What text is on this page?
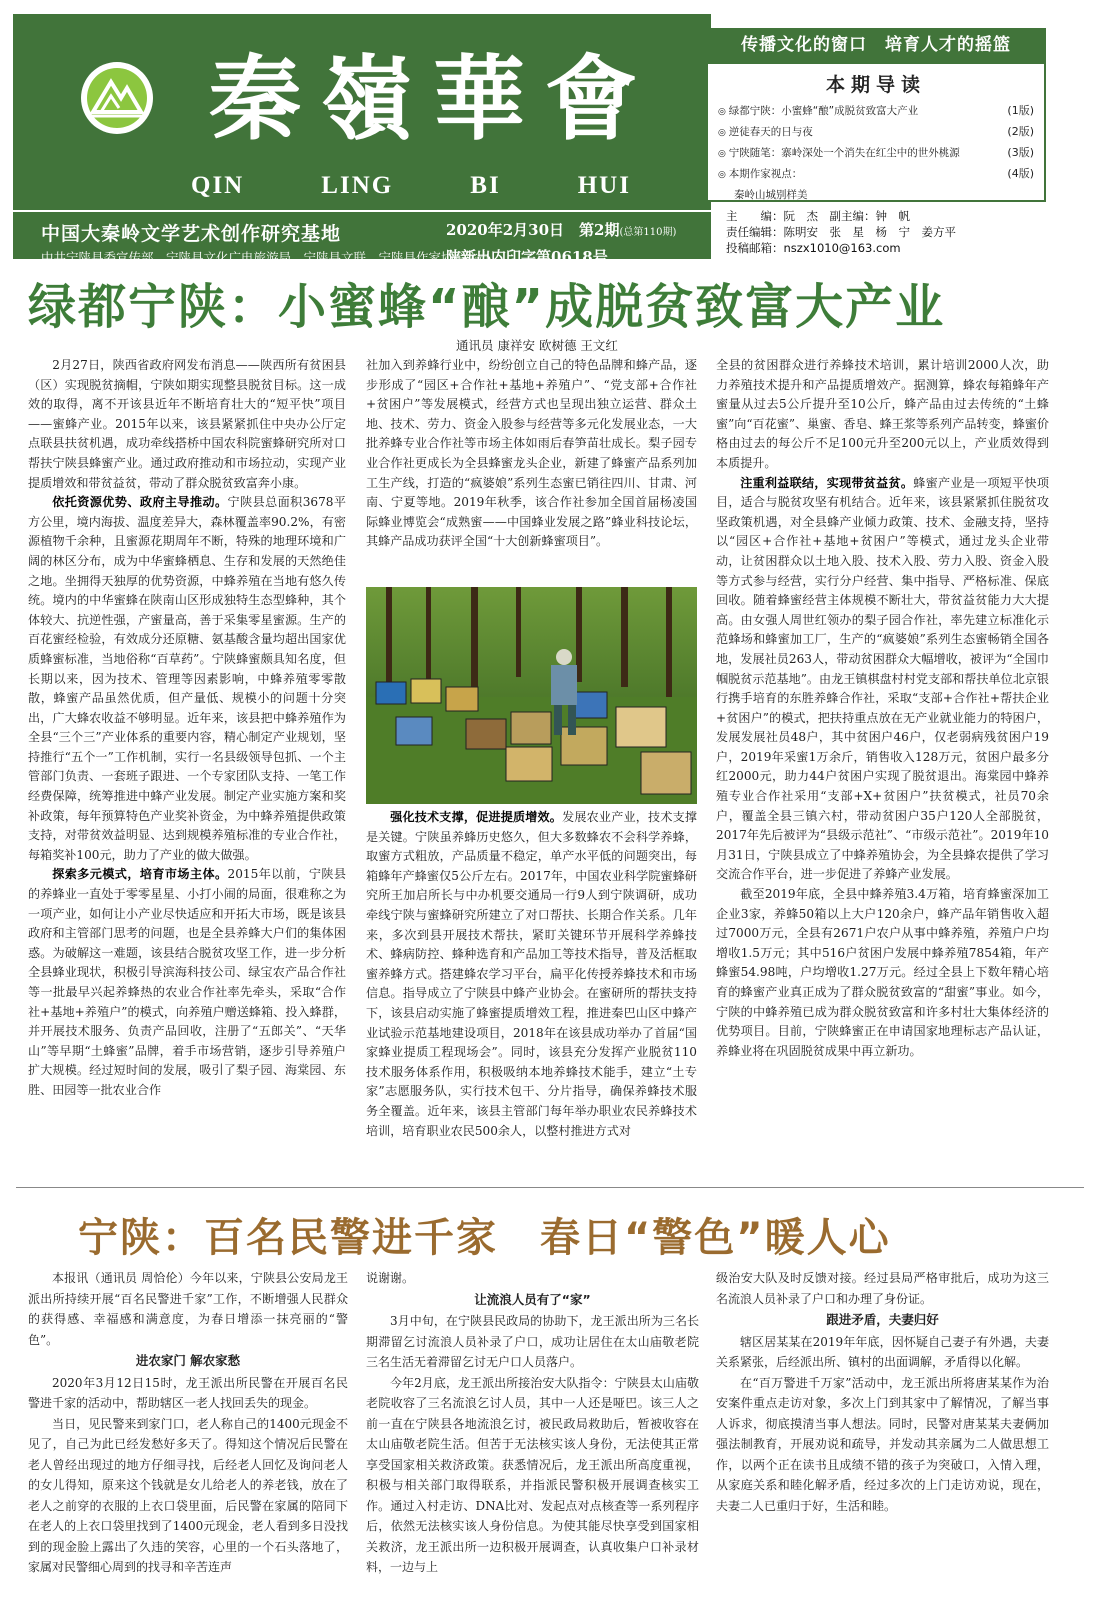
秦嶺華會
QIN	LING	BI	HUI
中国大秦岭文学艺术创作研究基地
中共宁陕县委宣传部　宁陕县文化广电旅游局　宁陕县文联　宁陕县作家协会主办
2020年2月30日　第2期(总第110期)
陕新出内印字第0618号
传播文化的窗口　培育人才的摇篮
本期导读
◎ 绿都宁陕：小蜜蜂“酿”成脱贫致富大产业	(1版)
◎ 逆徒春天的日与夜	(2版)
◎ 宁陕随笔：寨岭深处一个消失在红尘中的世外桃源	(3版)
◎ 本期作家视点：	(4版)
秦岭山城别样美
主　　编：阮　杰　副主编：钟　帆
责任编辑：陈明安　张　星　杨　宁　姜方平
投稿邮箱：nszx1010@163.com
绿都宁陕：小蜜蜂“酿”成脱贫致富大产业
通讯员 康祥安 欧树德 王文红

2月27日，陕西省政府网发布消息——陕西所有贫困县（区）实现脱贫摘帽，宁陕如期实现整县脱贫目标。这一成效的取得，离不开该县近年不断培育壮大的“短平快”项目——蜜蜂产业。2015年以来，该县紧紧抓住中央办公厅定点联县扶贫机遇，成功牵线搭桥中国农科院蜜蜂研究所对口帮扶宁陕县蜂蜜产业。通过政府推动和市场拉动，实现产业提质增效和带贫益贫，带动了群众脱贫致富奔小康。

依托资源优势、政府主导推动。宁陕县总面积3678平方公里，境内海拔、温度差异大，森林覆盖率90.2%，有密源植物千余种，且蜜源花期周年不断，特殊的地理环境和广阔的林区分布，成为中华蜜蜂栖息、生存和发展的天然绝佳之地。坐拥得天独厚的优势资源，中蜂养殖在当地有悠久传统。境内的中华蜜蜂在陕南山区形成独特生态型蜂种，其个体较大、抗逆性强，产蜜量高，善于采集零星蜜源。生产的百花蜜经检验，有效成分还原糖、氨基酸含量均超出国家优质蜂蜜标准，当地俗称“百草药”。宁陕蜂蜜颇具知名度，但长期以来，因为技术、管理等因素影响，中蜂养殖零零散散，蜂蜜产品虽然优质，但产量低、规模小的问题十分突出，广大蜂农收益不够明显。近年来，该县把中蜂养殖作为全县“三个三”产业体系的重要内容，精心制定产业规划，坚持推行“五个一”工作机制，实行一名县级领导包抓、一个主管部门负责、一套班子跟进、一个专家团队支持、一笔工作经费保障，统筹推进中蜂产业发展。制定产业实施方案和奖补政策，每年预算特色产业奖补资金，为中蜂养殖提供政策支持，对带贫效益明显、达到规模养殖标准的专业合作社，每箱奖补100元，助力了产业的做大做强。

探索多元模式，培育市场主体。2015年以前，宁陕县的养蜂业一直处于零零星星、小打小闹的局面，很难称之为一项产业，如何让小产业尽快适应和开拓大市场，既是该县政府和主管部门思考的问题，也是全县养蜂大户们的集体困惑。为破解这一难题，该县结合脱贫攻坚工作，进一步分析全县蜂业现状，积极引导滨海科技公司、绿宝农产品合作社等一批最早兴起养蜂热的农业合作社率先牵头，采取“合作社+基地+养殖户”的模式，向养殖户赠送蜂箱、投入蜂群，并开展技术服务、负责产品回收，注册了“五郎关”、“天华山”等早期“土蜂蜜”品牌，着手市场营销，逐步引导养殖户扩大规模。经过短时间的发展，吸引了梨子园、海棠园、东胜、田园等一批农业合作

社加入到养蜂行业中，纷纷创立自己的特色品牌和蜂产品，逐步形成了“园区+合作社+基地+养殖户”、“党支部+合作社+贫困户”等发展模式，经营方式也呈现出独立运营、群众土地、技术、劳力、资金入股参与经营等多元化发展业态，一大批养蜂专业合作社等市场主体如雨后春笋苗壮成长。梨子园专业合作社更成长为全县蜂蜜龙头企业，新建了蜂蜜产品系列加工生产线，打造的“疯婆娘”系列生态蜜已销往四川、甘肃、河南、宁夏等地。2019年秋季，该合作社参加全国首届杨凌国际蜂业博览会“成熟蜜——中国蜂业发展之路”蜂业科技论坛，其蜂产品成功获评全国“十大创新蜂蜜项目”。

强化技术支撑，促进提质增效。发展农业产业，技术支撑是关键。宁陕虽养蜂历史悠久，但大多数蜂农不会科学养蜂，取蜜方式粗放，产品质量不稳定，单产水平低的问题突出，每箱蜂年产蜂蜜仅5公斤左右。2017年，中国农业科学院蜜蜂研究所王加启所长与中办机要交通局一行9人到宁陕调研，成功牵线宁陕与蜜蜂研究所建立了对口帮扶、长期合作关系。几年来，多次到县开展技术帮扶，紧盯关键环节开展科学养蜂技术、蜂病防控、蜂种选育和产品加工等技术指导，普及活框取蜜养蜂方式。搭建蜂农学习平台，扁平化传授养蜂技术和市场信息。指导成立了宁陕县中蜂产业协会。在蜜研所的帮扶支持下，该县启动实施了蜂蜜提质增效工程，推进秦巴山区中蜂产业试验示范基地建设项目，2018年在该县成功举办了首届“国家蜂业提质工程现场会”。同时，该县充分发挥产业脱贫110技术服务体系作用，积极吸纳本地养蜂技术能手，建立“土专家”志愿服务队，实行技术包干、分片指导，确保养蜂技术服务全覆盖。近年来，该县主管部门每年举办职业农民养蜂技术培训，培育职业农民500余人，以整村推进方式对

全县的贫困群众进行养蜂技术培训，累计培训2000人次，助力养殖技术提升和产品提质增效产。据测算，蜂农每箱蜂年产蜜量从过去5公斤提升至10公斤，蜂产品由过去传统的“土蜂蜜”向“百花蜜”、巢蜜、香皂、蜂王浆等系列产品转变，蜂蜜价格由过去的每公斤不足100元升至200元以上，产业质效得到本质提升。

注重利益联结，实现带贫益贫。蜂蜜产业是一项短平快项目，适合与脱贫攻坚有机结合。近年来，该县紧紧抓住脱贫攻坚政策机遇，对全县蜂产业倾力政策、技术、金融支持，坚持以“园区+合作社+基地+贫困户”等模式，通过龙头企业带动，让贫困群众以土地入股、技术入股、劳力入股、资金入股等方式参与经营，实行分户经营、集中指导、严格标准、保底回收。随着蜂蜜经营主体规模不断壮大，带贫益贫能力大大提高。由女强人周世红领办的梨子园合作社，率先建立标准化示范蜂场和蜂蜜加工厂，生产的“疯婆娘”系列生态蜜畅销全国各地，发展社员263人，带动贫困群众大幅增收，被评为“全国巾帼脱贫示范基地”。由龙王镇棋盘村村党支部和帮扶单位北京银行携手培育的东胜养蜂合作社，采取“支部+合作社+帮扶企业+贫困户”的模式，把扶持重点放在无产业就业能力的特困户，发展发展社员48户，其中贫困户46户，仅老弱病残贫困户19户，2019年采蜜1万余斤，销售收入128万元，贫困户最多分红2000元，助力44户贫困户实现了脱贫退出。海棠园中蜂养殖专业合作社采用“支部+X+贫困户”扶贫模式，社员70余户，覆盖全县三镇六村，带动贫困户35户120人全部脱贫，2017年先后被评为“县级示范社”、“市级示范社”。2019年10月31日，宁陕县成立了中蜂养殖协会，为全县蜂农提供了学习交流合作平台，进一步促进了养蜂产业发展。

截至2019年底，全县中蜂养殖3.4万箱，培育蜂蜜深加工企业3家，养蜂50箱以上大户120余户，蜂产品年销售收入超过7000万元，全县有2671户农户从事中蜂养殖，养殖户户均增收1.5万元；其中516户贫困户发展中蜂养殖7854箱，年产蜂蜜54.98吨，户均增收1.27万元。经过全县上下数年精心培育的蜂蜜产业真正成为了群众脱贫致富的“甜蜜”事业。如今，宁陕的中蜂养殖已成为群众脱贫致富和许多村壮大集体经济的优势项目。目前，宁陕蜂蜜正在申请国家地理标志产品认证，养蜂业将在巩固脱贫成果中再立新功。

宁陕：百名民警进千家　春日“警色”暖人心

本报讯（通讯员 周恰伦）今年以来，宁陕县公安局龙王派出所持续开展“百名民警进千家”工作，不断增强人民群众的获得感、幸福感和满意度，为春日增添一抹亮丽的“警色”。

进农家门 解农家愁

2020年3月12日15时，龙王派出所民警在开展百名民警进千家的活动中，帮助辖区一老人找回丢失的现金。

当日，见民警来到家门口，老人称自己的1400元现金不见了，自己为此已经发愁好多天了。得知这个情况后民警在老人曾经出现过的地方仔细寻找，后经老人回忆及询问老人的女儿得知，原来这个钱就是女儿给老人的养老钱，放在了老人之前穿的衣服的上衣口袋里面，后民警在家属的陪同下在老人的上衣口袋里找到了1400元现金，老人看到多日没找到的现金脸上露出了久违的笑容，心里的一个石头落地了，家属对民警细心周到的找寻和辛苦连声

说谢谢。

让流浪人员有了“家”

3月中旬，在宁陕县民政局的协助下，龙王派出所为三名长期滞留乞讨流浪人员补录了户口，成功让居住在太山庙敬老院三名生活无着滞留乞讨无户口人员落户。

今年2月底，龙王派出所接治安大队指令：宁陕县太山庙敬老院收容了三名流浪乞讨人员，其中一人还是哑巴。该三人之前一直在宁陕县各地流浪乞讨，被民政局救助后，暂被收容在太山庙敬老院生活。但苦于无法核实该人身份，无法使其正常享受国家相关救济政策。获悉情况后，龙王派出所高度重视，积极与相关部门取得联系，并指派民警积极开展调查核实工作。通过入村走访、DNA比对、发起点对点核查等一系列程序后，依然无法核实该人身份信息。为使其能尽快享受到国家相关救济，龙王派出所一边积极开展调查，认真收集户口补录材料，一边与上

级治安大队及时反馈对接。经过县局严格审批后，成功为这三名流浪人员补录了户口和办理了身份证。

跟进矛盾，夫妻归好

辖区居某某在2019年年底，因怀疑自己妻子有外遇，夫妻关系紧张，后经派出所、镇村的出面调解，矛盾得以化解。

在“百万警进千万家”活动中，龙王派出所将唐某某作为治安案件重点走访对象，多次上门到其家中了解情况，了解当事人诉求，彻底摸清当事人想法。同时，民警对唐某某夫妻俩加强法制教育，开展劝说和疏导，并发动其亲属为二人做思想工作，以两个正在读书且成绩不错的孩子为突破口，入情入理，从家庭关系和睦化解矛盾，经过多次的上门走访劝说，现在，夫妻二人已重归于好，生活和睦。
